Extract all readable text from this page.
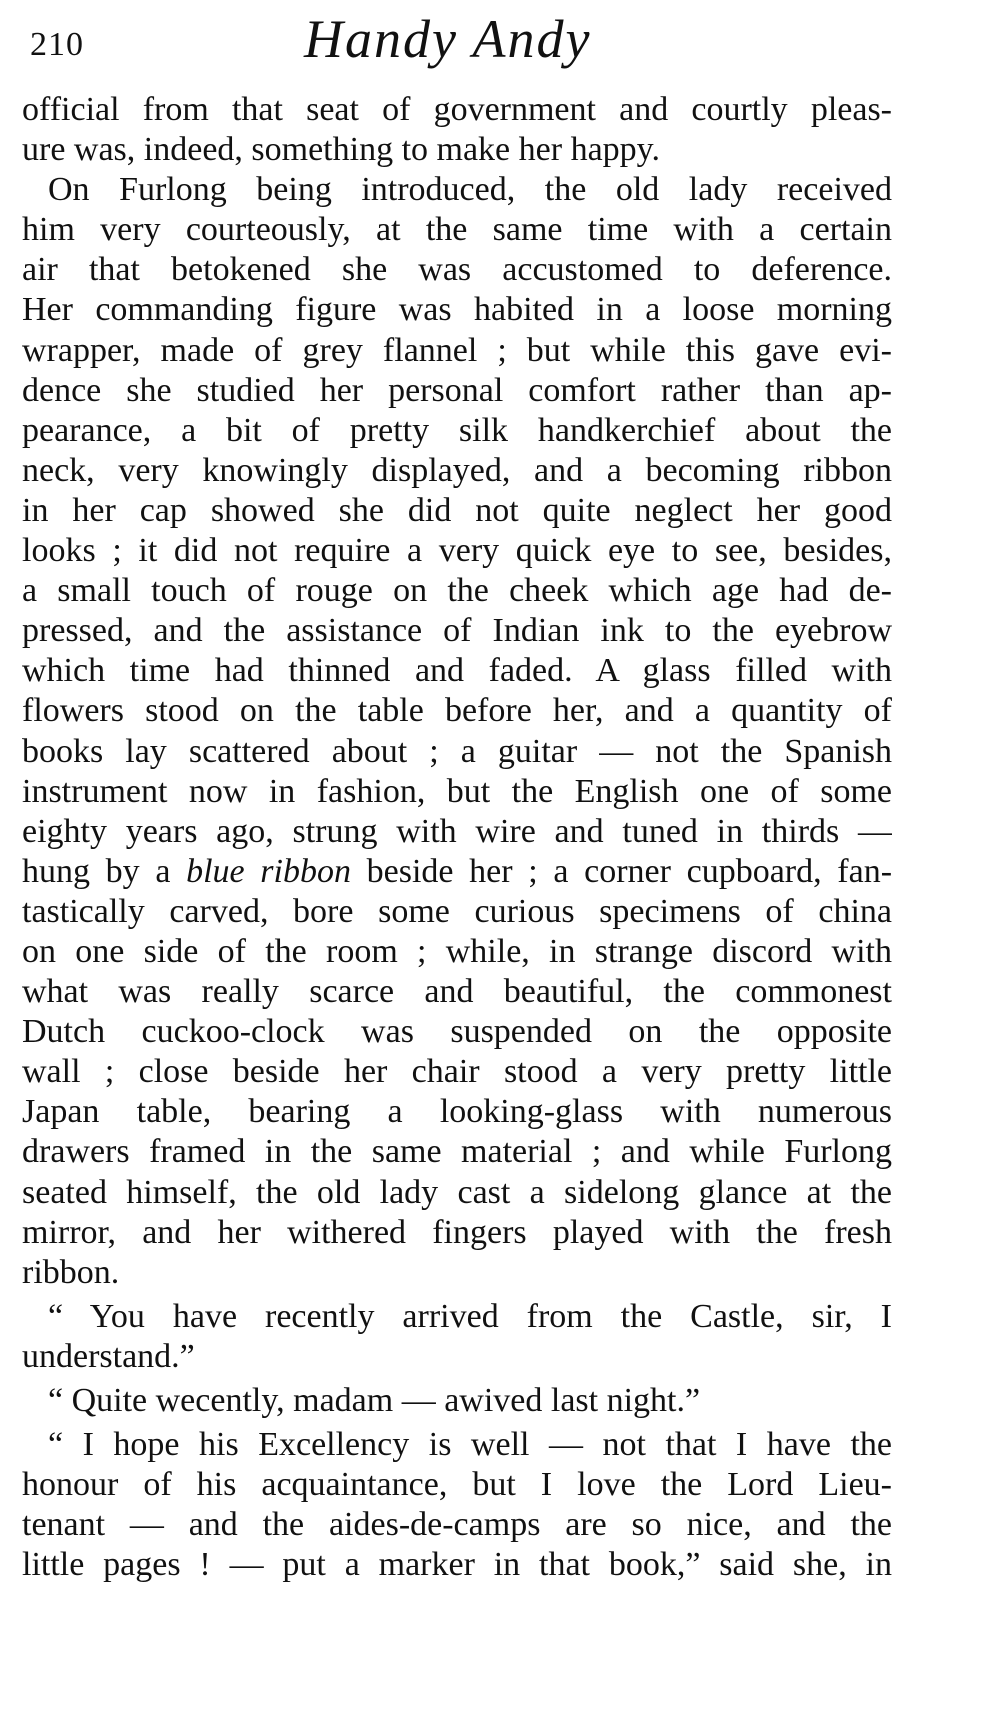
210	Handy Andy
official from that seat of government and courtly pleas-
ure was, indeed, something to make her happy.
On Furlong being introduced, the old lady received
him very courteously, at the same time with a certain
air that betokened she was accustomed to deference.
Her commanding figure was habited in a loose morning
wrapper, made of grey flannel ; but while this gave evi-
dence she studied her personal comfort rather than ap-
pearance, a bit of pretty silk handkerchief about the
neck, very knowingly displayed, and a becoming ribbon
in her cap showed she did not quite neglect her good
looks ; it did not require a very quick eye to see, besides,
a small touch of rouge on the cheek which age had de-
pressed, and the assistance of Indian ink to the eyebrow
which time had thinned and faded. A glass filled with
flowers stood on the table before her, and a quantity of
books lay scattered about ; a guitar — not the Spanish
instrument now in fashion, but the English one of some
eighty years ago, strung with wire and tuned in thirds —
hung by a blue ribbon beside her ; a corner cupboard, fan-
tastically carved, bore some curious specimens of china
on one side of the room ; while, in strange discord with
what was really scarce and beautiful, the commonest
Dutch cuckoo-clock was suspended on the opposite
wall ; close beside her chair stood a very pretty little
Japan table, bearing a looking-glass with numerous
drawers framed in the same material ; and while Furlong
seated himself, the old lady cast a sidelong glance at the
mirror, and her withered fingers played with the fresh
ribbon.
“ You have recently arrived from the Castle, sir, I
understand.”
“ Quite wecently, madam — awived last night.”
“ I hope his Excellency is well — not that I have the
honour of his acquaintance, but I love the Lord Lieu-
tenant — and the aides-de-camps are so nice, and the
little pages ! — put a marker in that book,” said she, in
